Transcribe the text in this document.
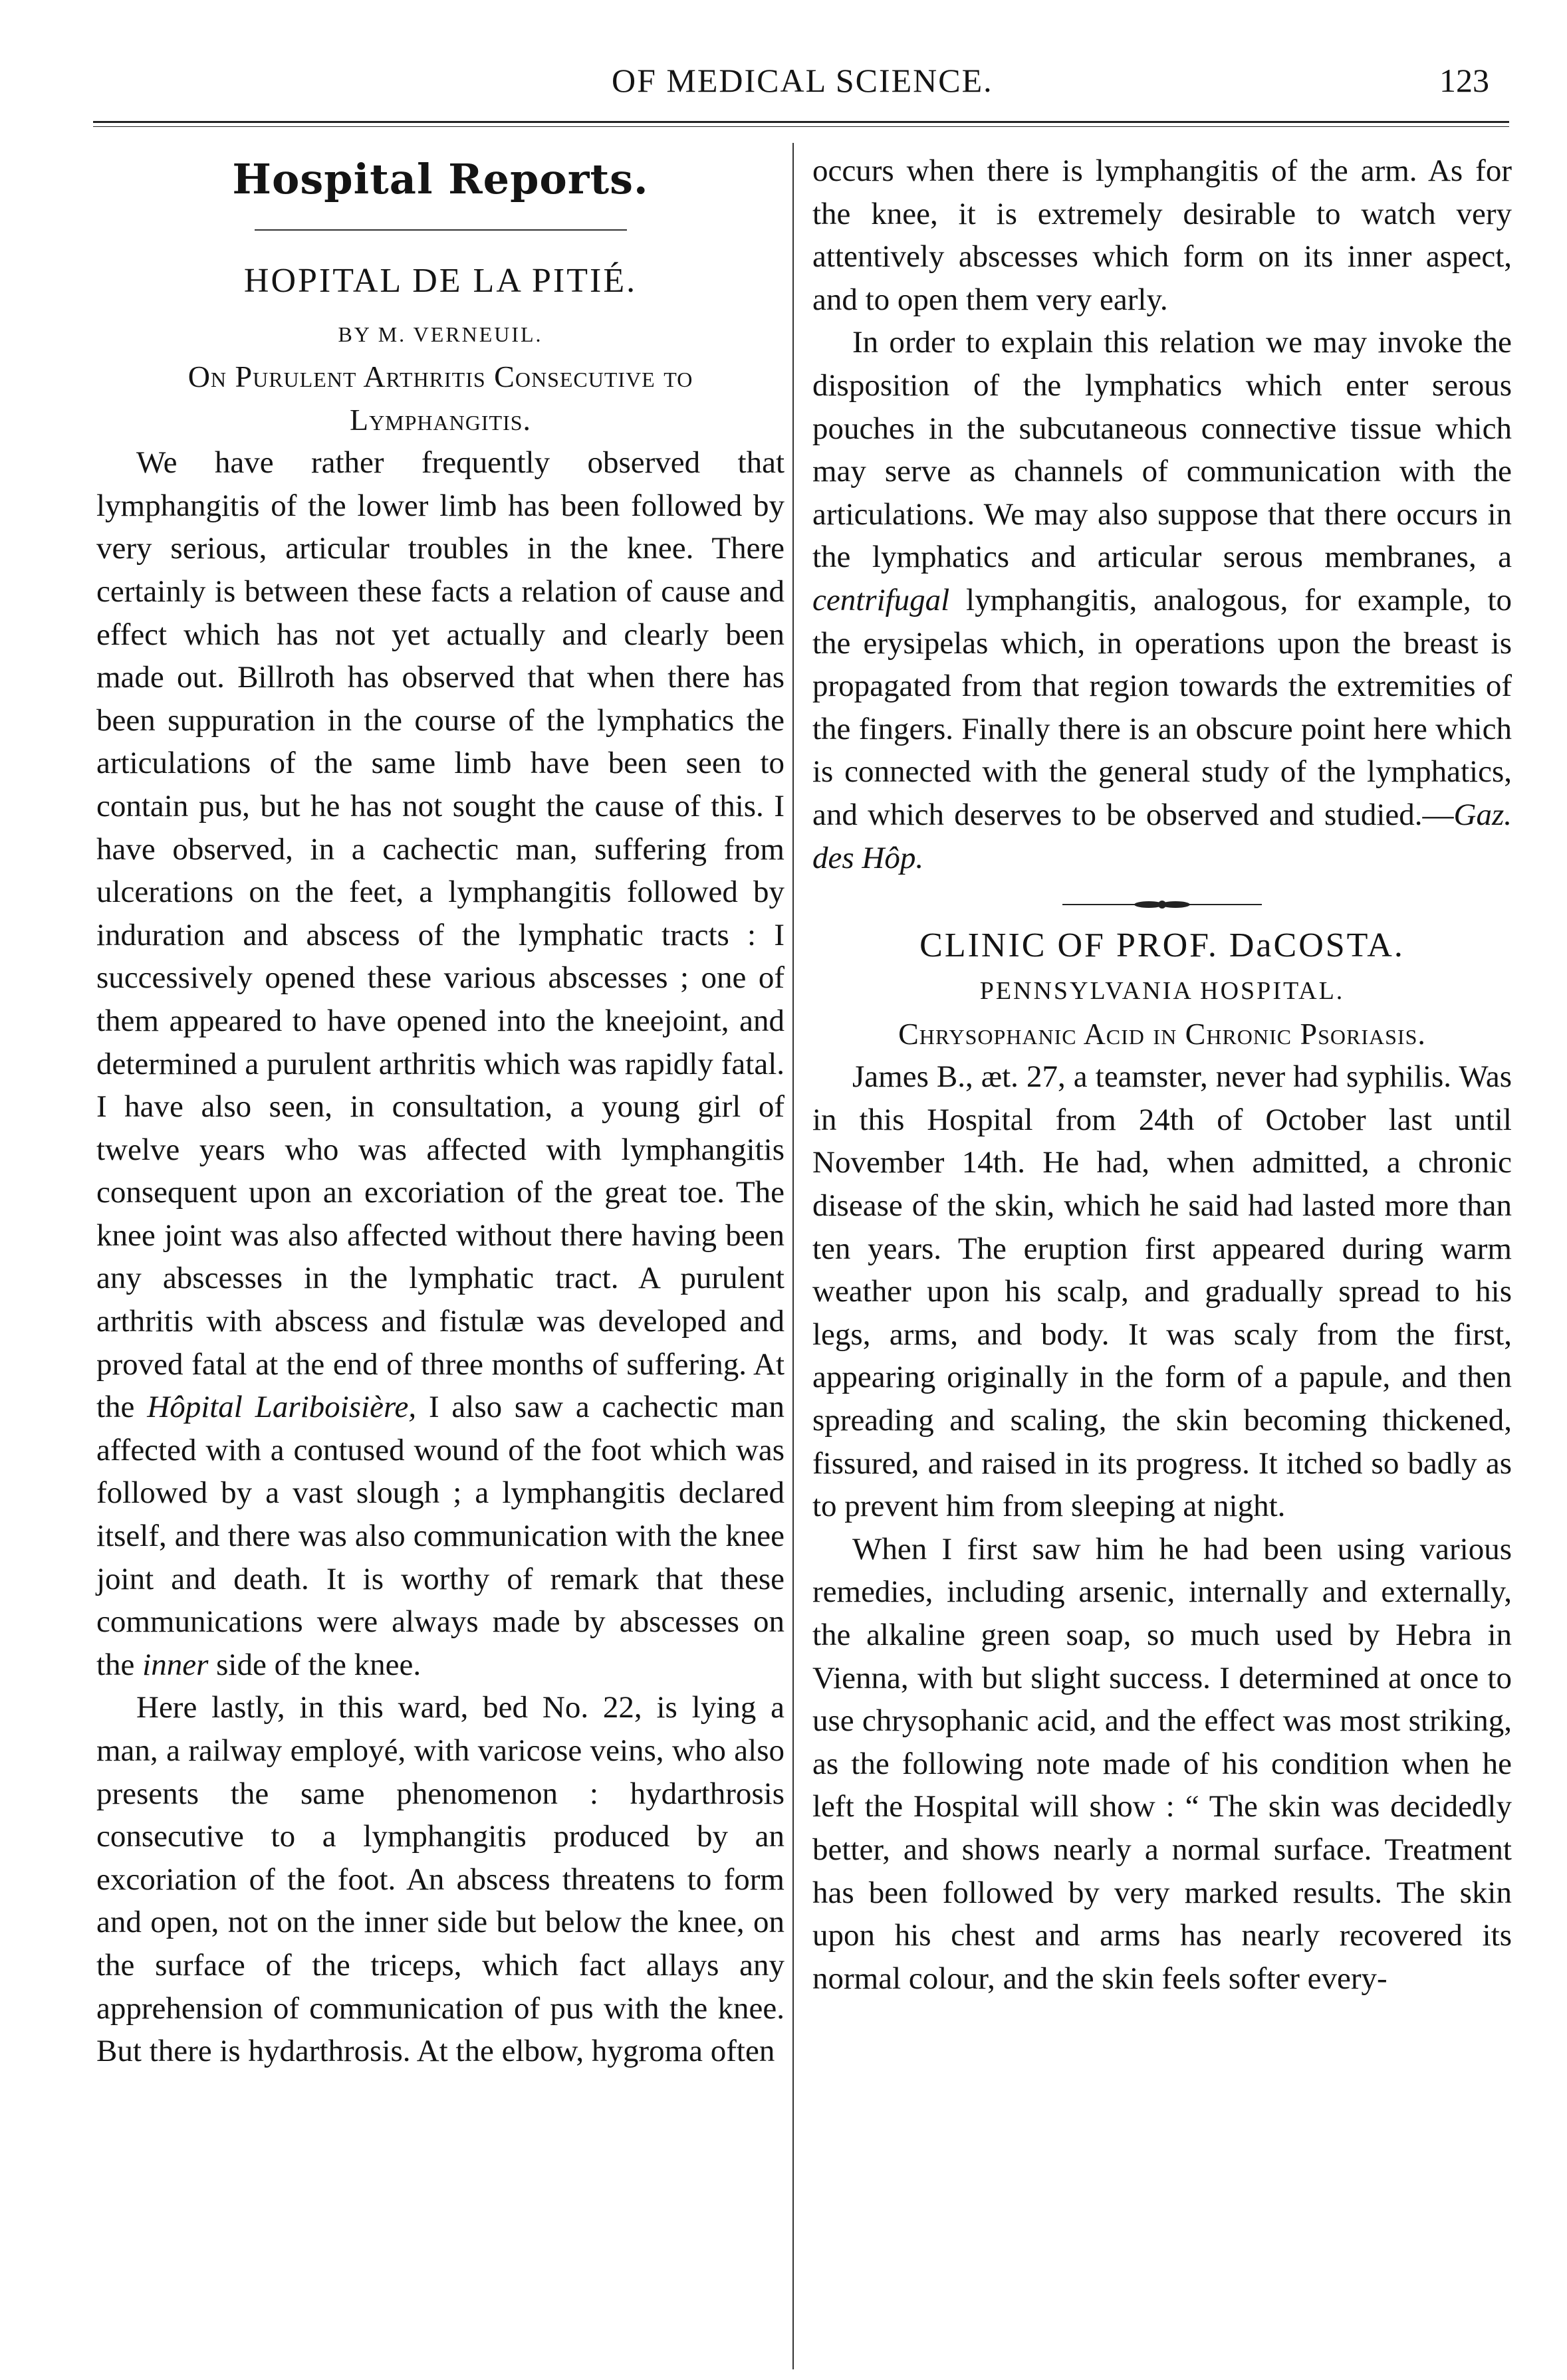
OF MEDICAL SCIENCE.	123
Hospital Reports.
HOPITAL DE LA PITIÉ.
BY M. VERNEUIL.
On Purulent Arthritis Consecutive to Lymphangitis.

We have rather frequently observed that lymphangitis of the lower limb has been followed by very serious, articular troubles in the knee. There certainly is between these facts a relation of cause and effect which has not yet actually and clearly been made out. Billroth has observed that when there has been suppuration in the course of the lymphatics the articulations of the same limb have been seen to contain pus, but he has not sought the cause of this. I have observed, in a cachectic man, suffering from ulcerations on the feet, a lymphangitis followed by induration and abscess of the lymphatic tracts : I successively opened these various abscesses ; one of them appeared to have opened into the kneejoint, and determined a purulent arthritis which was rapidly fatal. I have also seen, in consultation, a young girl of twelve years who was affected with lymphangitis consequent upon an excoriation of the great toe. The knee joint was also affected without there having been any abscesses in the lymphatic tract. A purulent arthritis with abscess and fistulæ was developed and proved fatal at the end of three months of suffering. At the Hôpital Lariboisière, I also saw a cachectic man affected with a contused wound of the foot which was followed by a vast slough ; a lymphangitis declared itself, and there was also communication with the knee joint and death. It is worthy of remark that these communications were always made by abscesses on the inner side of the knee.

Here lastly, in this ward, bed No. 22, is lying a man, a railway employé, with varicose veins, who also presents the same phenomenon : hydarthrosis consecutive to a lymphangitis produced by an excoriation of the foot. An abscess threatens to form and open, not on the inner side but below the knee, on the surface of the triceps, which fact allays any apprehension of communication of pus with the knee. But there is hydarthrosis. At the elbow, hygroma often

occurs when there is lymphangitis of the arm. As for the knee, it is extremely desirable to watch very attentively abscesses which form on its inner aspect, and to open them very early.

In order to explain this relation we may invoke the disposition of the lymphatics which enter serous pouches in the subcutaneous connective tissue which may serve as channels of communication with the articulations. We may also suppose that there occurs in the lymphatics and articular serous membranes, a centrifugal lymphangitis, analogous, for example, to the erysipelas which, in operations upon the breast is propagated from that region towards the extremities of the fingers. Finally there is an obscure point here which is connected with the general study of the lymphatics, and which deserves to be observed and studied.—Gaz. des Hôp.

CLINIC OF PROF. DaCOSTA.
PENNSYLVANIA HOSPITAL.
Chrysophanic Acid in Chronic Psoriasis.

James B., æt. 27, a teamster, never had syphilis. Was in this Hospital from 24th of October last until November 14th. He had, when admitted, a chronic disease of the skin, which he said had lasted more than ten years. The eruption first appeared during warm weather upon his scalp, and gradually spread to his legs, arms, and body. It was scaly from the first, appearing originally in the form of a papule, and then spreading and scaling, the skin becoming thickened, fissured, and raised in its progress. It itched so badly as to prevent him from sleeping at night.

When I first saw him he had been using various remedies, including arsenic, internally and externally, the alkaline green soap, so much used by Hebra in Vienna, with but slight success. I determined at once to use chrysophanic acid, and the effect was most striking, as the following note made of his condition when he left the Hospital will show : “ The skin was decidedly better, and shows nearly a normal surface. Treatment has been followed by very marked results. The skin upon his chest and arms has nearly recovered its normal colour, and the skin feels softer every-
